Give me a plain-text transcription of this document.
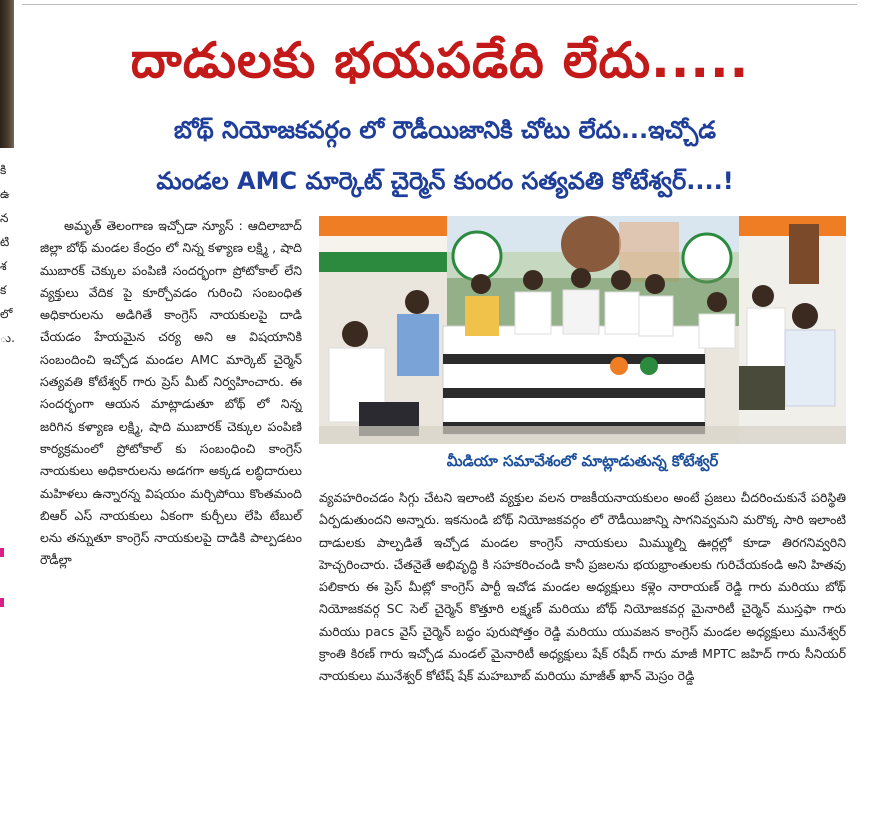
కి
ఉ
న
టి
శ
క
లో
ు.
దాడులకు భయపడేది లేదు.....
బోథ్ నియోజకవర్గం లో రౌడీయిజానికి చోటు లేదు...ఇచ్చోడ
మండల AMC మార్కెట్ చైర్మెన్ కుంరం సత్యవతి కోటేశ్వర్....!

అమృత్ తెలంగాణ ఇచ్చోడా న్యూస్ : ఆదిలాబాద్ జిల్లా బోథ్ మండల కేంద్రం లో నిన్న కళ్యాణ లక్ష్మి , షాది ముబారక్ చెక్కుల పంపిణి సందర్భంగా ప్రోటోకాల్ లేని వ్యక్తులు వేదిక పై కూర్చోవడం గురించి సంబంధిత అధికారులను అడిగితే కాంగ్రెస్ నాయకులపై దాడి చేయడం హేయమైన చర్య అని ఆ విషయానికి సంబందించి ఇచ్చోడ మండల AMC మార్కెట్ చైర్మెన్ సత్యవతి కోటేశ్వర్ గారు ప్రెస్ మీట్ నిర్వహించారు. ఈ సందర్భంగా ఆయన మాట్లాడుతూ బోథ్ లో నిన్న జరిగిన కళ్యాణ లక్ష్మి, షాది ముబారక్ చెక్కుల పంపిణి కార్యక్రమంలో ప్రోటోకాల్ కు సంబంధించి కాంగ్రెస్ నాయకులు అధికారులను అడగగా అక్కడ లబ్ధిదారులు మహిళలు ఉన్నారన్న విషయం మర్చిపోయి కొంతమంది బిఆర్ ఎస్ నాయకులు ఏకంగా కుర్చీలు లేపి టేబుల్ లను తన్నుతూ కాంగ్రెస్ నాయకులపై దాడికి పాల్పడటం రౌడీల్లా

మీడియా సమావేశంలో మాట్లాడుతున్న కోటేశ్వర్

వ్యవహరించడం సిగ్గు చేటని ఇలాంటి వ్యక్తుల వలన రాజకీయనాయకులం అంటే ప్రజలు చీదరించుకునే పరిస్థితి ఏర్పడుతుందని అన్నారు. ఇకనుండి బోథ్ నియోజకవర్గం లో రౌడీయిజాన్ని సాగనివ్వమని మరొక్క సారి ఇలాంటి దాడులకు పాల్పడితే ఇచ్చోడ మండల కాంగ్రెస్ నాయకులు మిమ్ముల్ని ఊర్లల్లో కూడా తిరగనివ్వరిని హెచ్చరించారు. చేతనైతే అభివృద్ధి కి సహకరించండి కానీ ప్రజలను భయభ్రాంతులకు గురిచేయకండి అని హితవు పలికారు ఈ ప్రెస్ మీట్లో కాంగ్రెస్ పార్టీ ఇచోడ మండల అధ్యక్షులు కళ్లెం నారాయణ్ రెడ్డి గారు మరియు బోథ్ నియోజకవర్గ SC సెల్ చైర్మెన్ కొత్తూరి లక్ష్మణ్ మరియు బోథ్ నియోజకవర్గ మైనారిటీ చైర్మెన్ ముస్తఫా గారు మరియు pacs వైస్ చైర్మెన్ బద్ధం పురుషోత్తం రెడ్డి మరియు యువజన కాంగ్రెస్ మండల అధ్యక్షులు మునేశ్వర్ క్రాంతి కిరణ్ గారు ఇచ్చోడ మండల్ మైనారిటీ అధ్యక్షులు షేక్ రషీద్ గారు మాజీ MPTC జహిద్ గారు సీనియర్ నాయకులు మునేశ్వర్ కోటేష్ షేక్ మహబూబ్ మరియు మాజీత్ ఖాన్ మెస్రం రెడ్డి
